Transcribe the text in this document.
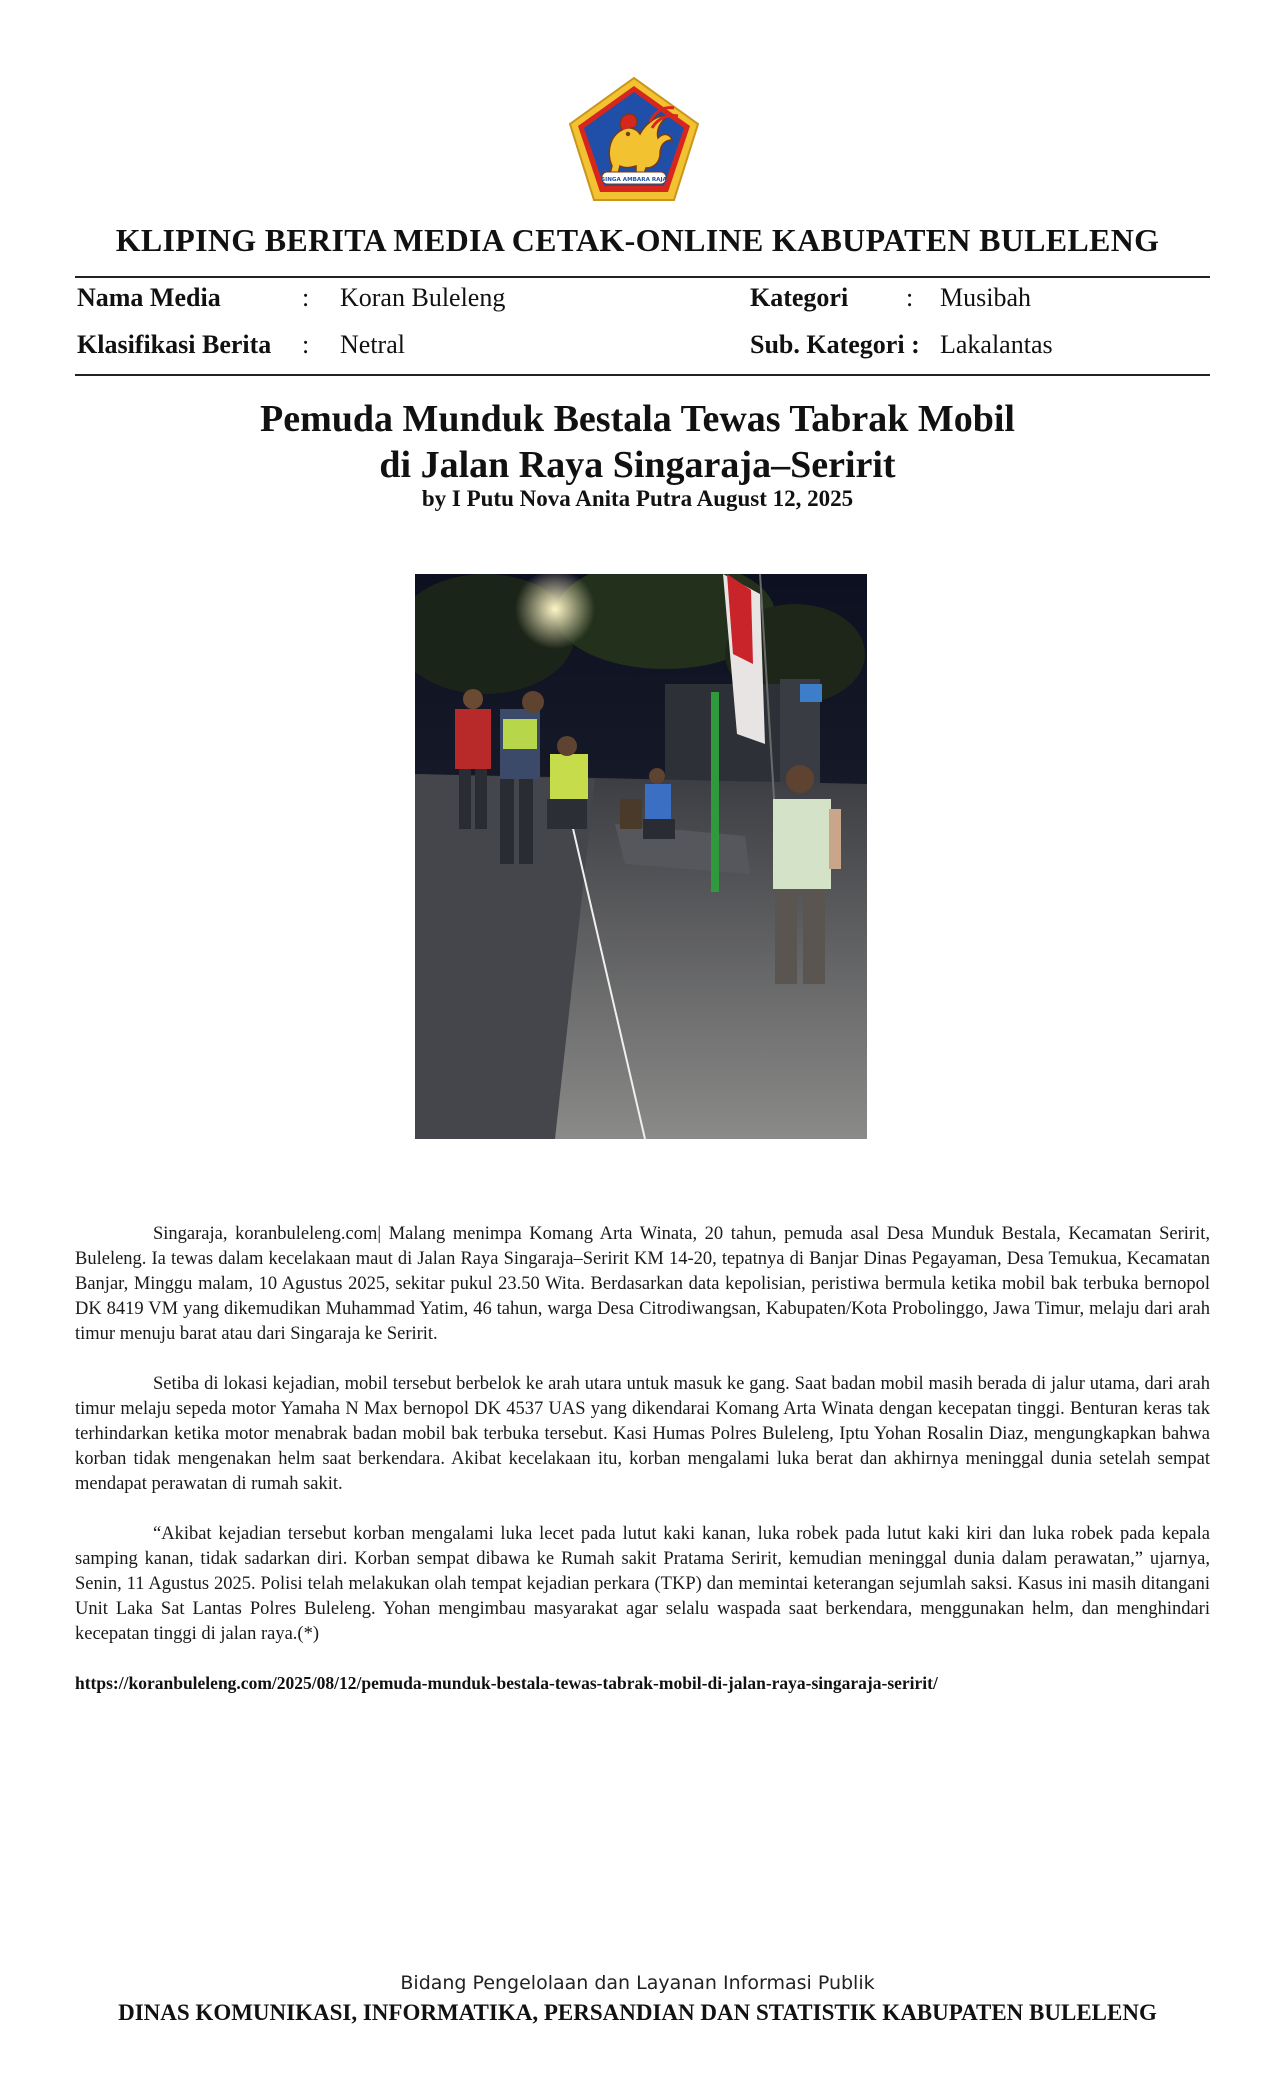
SINGA AMBARA RAJA
KLIPING BERITA MEDIA CETAK-ONLINE KABUPATEN BULELENG
Nama Media	: Koran Buleleng	Kategori : Musibah
Klasifikasi Berita : Netral	Sub. Kategori : Lakalantas
Pemuda Munduk Bestala Tewas Tabrak Mobil
di Jalan Raya Singaraja–Seririt
by I Putu Nova Anita Putra August 12, 2025

Singaraja, koranbuleleng.com| Malang menimpa Komang Arta Winata, 20 tahun, pemuda asal Desa Munduk Bestala, Kecamatan Seririt, Buleleng. Ia tewas dalam kecelakaan maut di Jalan Raya Singaraja–Seririt KM 14-20, tepatnya di Banjar Dinas Pegayaman, Desa Temukua, Kecamatan Banjar, Minggu malam, 10 Agustus 2025, sekitar pukul 23.50 Wita. Berdasarkan data kepolisian, peristiwa bermula ketika mobil bak terbuka bernopol DK 8419 VM yang dikemudikan Muhammad Yatim, 46 tahun, warga Desa Citrodiwangsan, Kabupaten/Kota Probolinggo, Jawa Timur, melaju dari arah timur menuju barat atau dari Singaraja ke Seririt.

Setiba di lokasi kejadian, mobil tersebut berbelok ke arah utara untuk masuk ke gang. Saat badan mobil masih berada di jalur utama, dari arah timur melaju sepeda motor Yamaha N Max bernopol DK 4537 UAS yang dikendarai Komang Arta Winata dengan kecepatan tinggi. Benturan keras tak terhindarkan ketika motor menabrak badan mobil bak terbuka tersebut. Kasi Humas Polres Buleleng, Iptu Yohan Rosalin Diaz, mengungkapkan bahwa korban tidak mengenakan helm saat berkendara. Akibat kecelakaan itu, korban mengalami luka berat dan akhirnya meninggal dunia setelah sempat mendapat perawatan di rumah sakit.

“Akibat kejadian tersebut korban mengalami luka lecet pada lutut kaki kanan, luka robek pada lutut kaki kiri dan luka robek pada kepala samping kanan, tidak sadarkan diri. Korban sempat dibawa ke Rumah sakit Pratama Seririt, kemudian meninggal dunia dalam perawatan,” ujarnya, Senin, 11 Agustus 2025. Polisi telah melakukan olah tempat kejadian perkara (TKP) dan memintai keterangan sejumlah saksi. Kasus ini masih ditangani Unit Laka Sat Lantas Polres Buleleng. Yohan mengimbau masyarakat agar selalu waspada saat berkendara, menggunakan helm, dan menghindari kecepatan tinggi di jalan raya.(*)

https://koranbuleleng.com/2025/08/12/pemuda-munduk-bestala-tewas-tabrak-mobil-di-jalan-raya-singaraja-seririt/
Bidang Pengelolaan dan Layanan Informasi Publik
DINAS KOMUNIKASI, INFORMATIKA, PERSANDIAN DAN STATISTIK KABUPATEN BULELENG
